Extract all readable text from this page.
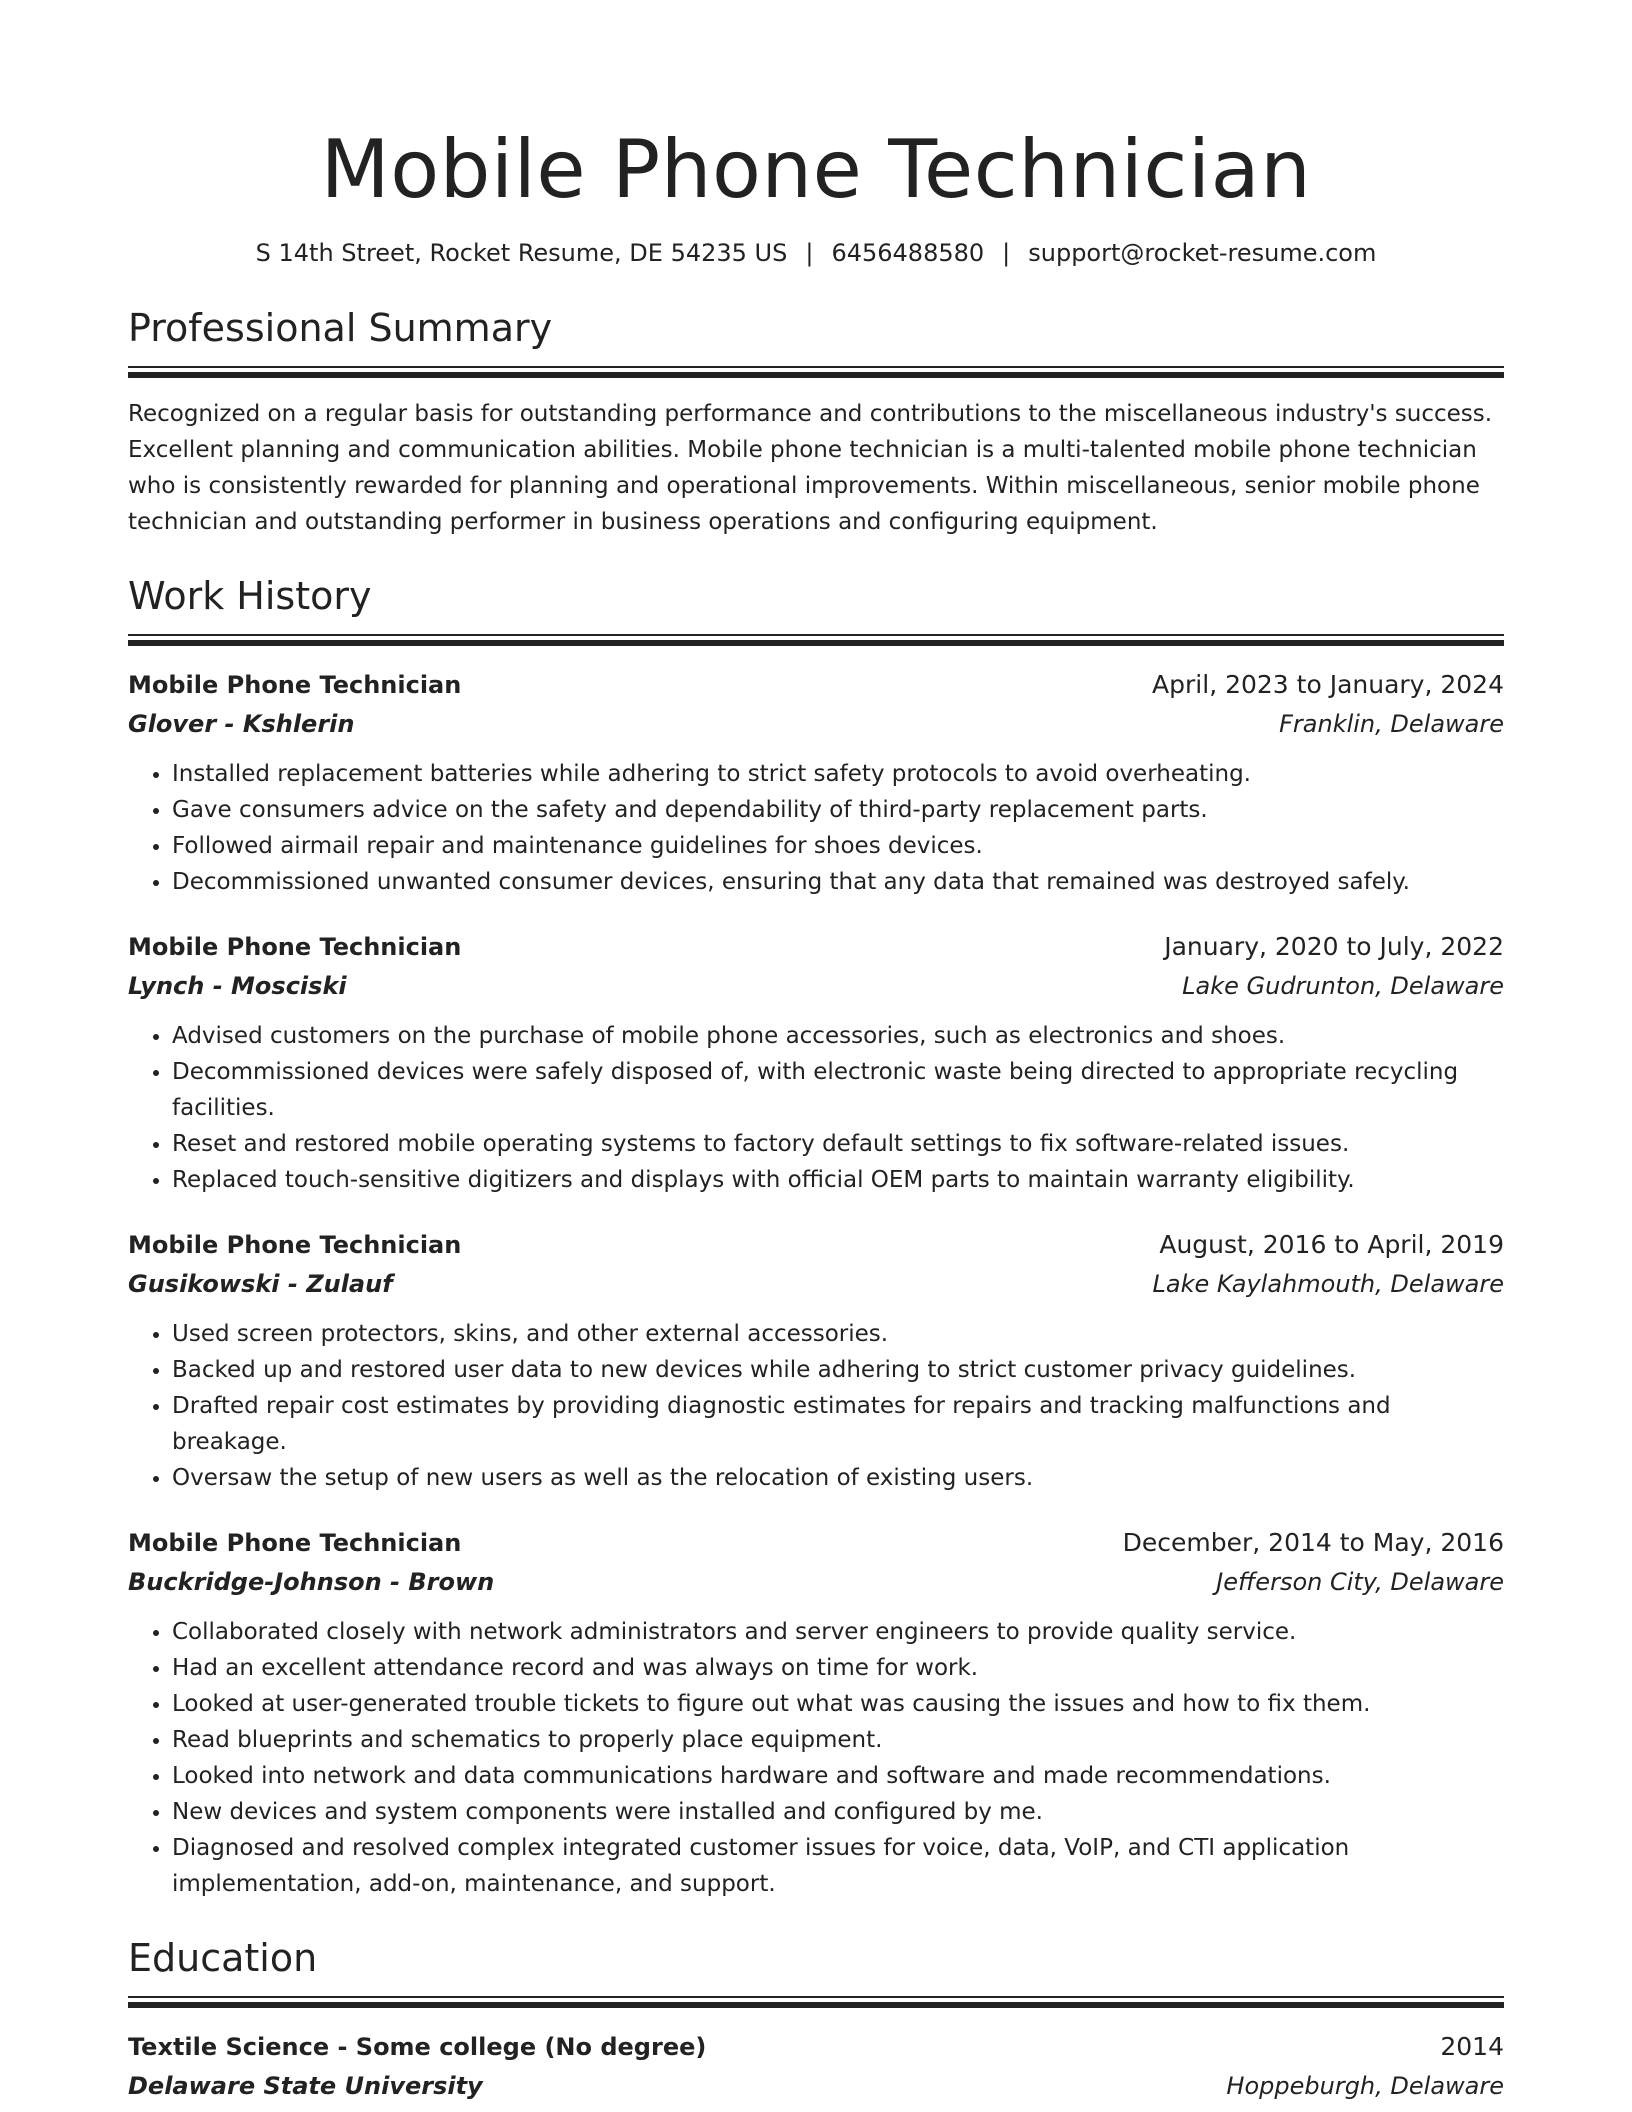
Mobile Phone Technician
S 14th Street, Rocket Resume, DE 54235 US | 6456488580 | support@rocket-resume.com
Professional Summary
Recognized on a regular basis for outstanding performance and contributions to the miscellaneous industry's success. Excellent planning and communication abilities. Mobile phone technician is a multi-talented mobile phone technician who is consistently rewarded for planning and operational improvements. Within miscellaneous, senior mobile phone technician and outstanding performer in business operations and configuring equipment.
Work History
Mobile Phone Technician	April, 2023 to January, 2024
Glover - Kshlerin	Franklin, Delaware
• Installed replacement batteries while adhering to strict safety protocols to avoid overheating.
• Gave consumers advice on the safety and dependability of third-party replacement parts.
• Followed airmail repair and maintenance guidelines for shoes devices.
• Decommissioned unwanted consumer devices, ensuring that any data that remained was destroyed safely.
Mobile Phone Technician	January, 2020 to July, 2022
Lynch - Mosciski	Lake Gudrunton, Delaware
• Advised customers on the purchase of mobile phone accessories, such as electronics and shoes.
• Decommissioned devices were safely disposed of, with electronic waste being directed to appropriate recycling facilities.
• Reset and restored mobile operating systems to factory default settings to fix software-related issues.
• Replaced touch-sensitive digitizers and displays with official OEM parts to maintain warranty eligibility.
Mobile Phone Technician	August, 2016 to April, 2019
Gusikowski - Zulauf	Lake Kaylahmouth, Delaware
• Used screen protectors, skins, and other external accessories.
• Backed up and restored user data to new devices while adhering to strict customer privacy guidelines.
• Drafted repair cost estimates by providing diagnostic estimates for repairs and tracking malfunctions and breakage.
• Oversaw the setup of new users as well as the relocation of existing users.
Mobile Phone Technician	December, 2014 to May, 2016
Buckridge-Johnson - Brown	Jefferson City, Delaware
• Collaborated closely with network administrators and server engineers to provide quality service.
• Had an excellent attendance record and was always on time for work.
• Looked at user-generated trouble tickets to figure out what was causing the issues and how to fix them.
• Read blueprints and schematics to properly place equipment.
• Looked into network and data communications hardware and software and made recommendations.
• New devices and system components were installed and configured by me.
• Diagnosed and resolved complex integrated customer issues for voice, data, VoIP, and CTI application implementation, add-on, maintenance, and support.
Education
Textile Science - Some college (No degree)	2014
Delaware State University	Hoppeburgh, Delaware
